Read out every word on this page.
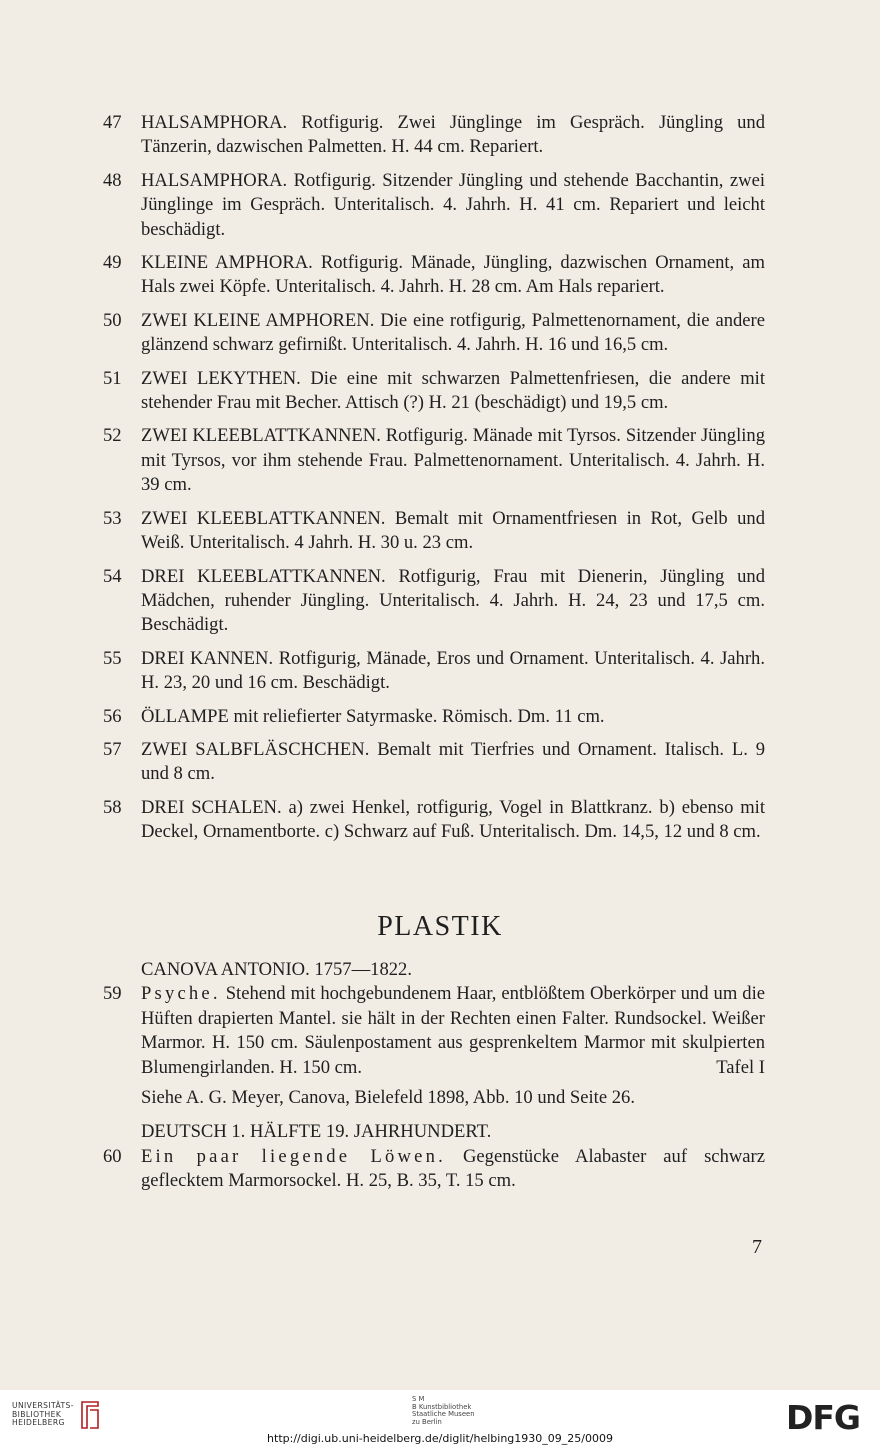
47 HALSAMPHORA. Rotfigurig. Zwei Jünglinge im Gespräch. Jüngling und Tänzerin, dazwischen Palmetten. H. 44 cm. Repariert.
48 HALSAMPHORA. Rotfigurig. Sitzender Jüngling und stehende Bacchantin, zwei Jünglinge im Gespräch. Unteritalisch. 4. Jahrh. H. 41 cm. Repariert und leicht beschädigt.
49 KLEINE AMPHORA. Rotfigurig. Mänade, Jüngling, dazwischen Ornament, am Hals zwei Köpfe. Unteritalisch. 4. Jahrh. H. 28 cm. Am Hals repariert.
50 ZWEI KLEINE AMPHOREN. Die eine rotfigurig, Palmettenornament, die andere glänzend schwarz gefirnißt. Unteritalisch. 4. Jahrh. H. 16 und 16,5 cm.
51 ZWEI LEKYTHEN. Die eine mit schwarzen Palmettenfriesen, die andere mit stehender Frau mit Becher. Attisch (?) H. 21 (beschädigt) und 19,5 cm.
52 ZWEI KLEEBLATTKANNEN. Rotfigurig. Mänade mit Tyrsos. Sitzender Jüngling mit Tyrsos, vor ihm stehende Frau. Palmettenornament. Unteritalisch. 4. Jahrh. H. 39 cm.
53 ZWEI KLEEBLATTKANNEN. Bemalt mit Ornamentfriesen in Rot, Gelb und Weiß. Unteritalisch. 4 Jahrh. H. 30 u. 23 cm.
54 DREI KLEEBLATTKANNEN. Rotfigurig, Frau mit Dienerin, Jüngling und Mädchen, ruhender Jüngling. Unteritalisch. 4. Jahrh. H. 24, 23 und 17,5 cm. Beschädigt.
55 DREI KANNEN. Rotfigurig, Mänade, Eros und Ornament. Unteritalisch. 4. Jahrh. H. 23, 20 und 16 cm. Beschädigt.
56 ÖLLAMPE mit reliefierter Satyrmaske. Römisch. Dm. 11 cm.
57 ZWEI SALBFLÄSCHCHEN. Bemalt mit Tierfries und Ornament. Italisch. L. 9 und 8 cm.
58 DREI SCHALEN. a) zwei Henkel, rotfigurig, Vogel in Blattkranz. b) ebenso mit Deckel, Ornamentborte. c) Schwarz auf Fuß. Unteritalisch. Dm. 14,5, 12 und 8 cm.
PLASTIK

CANOVA ANTONIO. 1757—1822.

59 Psyche. Stehend mit hochgebundenem Haar, entblößtem Oberkörper und um die Hüften drapierten Mantel. sie hält in der Rechten einen Falter. Rundsockel. Weißer Marmor. H. 150 cm. Säulenpostament aus gesprenkeltem Marmor mit skulpierten Blumengirlanden. H. 150 cm.	Tafel I

Siehe A. G. Meyer, Canova, Bielefeld 1898, Abb. 10 und Seite 26.

DEUTSCH 1. HÄLFTE 19. JAHRHUNDERT.

60 Ein paar liegende Löwen. Gegenstücke Alabaster auf schwarz geflecktem Marmorsockel. H. 25, B. 35, T. 15 cm.
7
UNIVERSITÄTS-
BIBLIOTHEK
HEIDELBERG
S M
B Kunstbibliothek
Staatliche Museen
zu Berlin	DFG
http://digi.ub.uni-heidelberg.de/diglit/helbing1930_09_25/0009
